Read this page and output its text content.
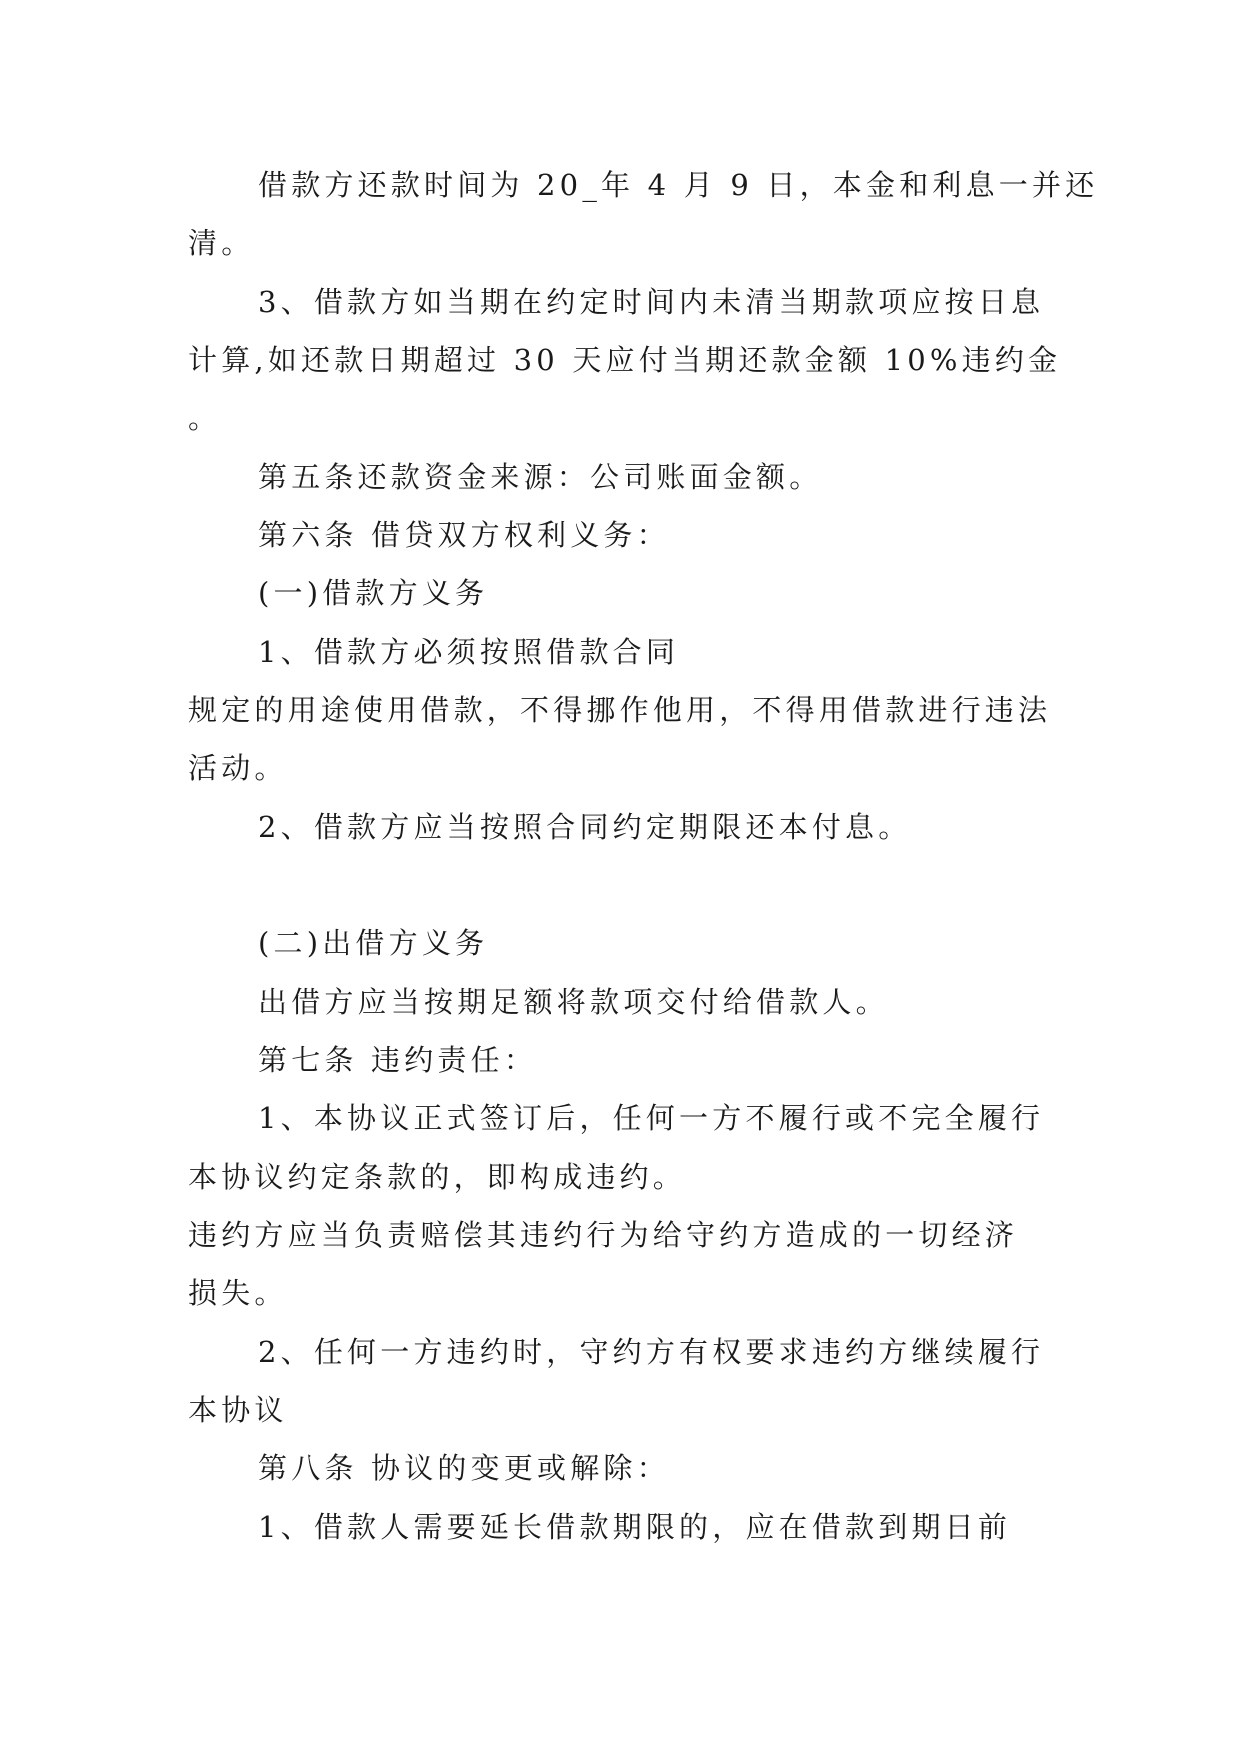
借款方还款时间为 20_年 4 月 9 日，本金和利息一并还
清。
3、借款方如当期在约定时间内未清当期款项应按日息
计算,如还款日期超过 30 天应付当期还款金额 10%违约金
。
第五条还款资金来源：公司账面金额。
第六条 借贷双方权利义务：
(一)借款方义务
1、借款方必须按照借款合同
规定的用途使用借款，不得挪作他用，不得用借款进行违法
活动。
2、借款方应当按照合同约定期限还本付息。
(二)出借方义务
出借方应当按期足额将款项交付给借款人。
第七条 违约责任：
1、本协议正式签订后，任何一方不履行或不完全履行
本协议约定条款的，即构成违约。
违约方应当负责赔偿其违约行为给守约方造成的一切经济
损失。
2、任何一方违约时，守约方有权要求违约方继续履行
本协议
第八条 协议的变更或解除：
1、借款人需要延长借款期限的，应在借款到期日前
